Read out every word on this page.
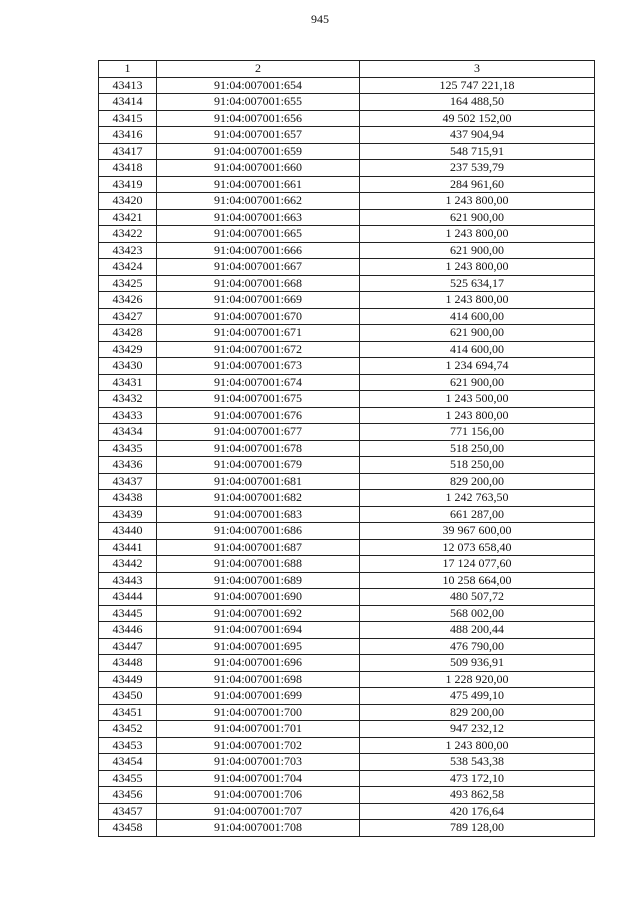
945
1	2	3
43413	91:04:007001:654	125 747 221,18
43414	91:04:007001:655	164 488,50
43415	91:04:007001:656	49 502 152,00
43416	91:04:007001:657	437 904,94
43417	91:04:007001:659	548 715,91
43418	91:04:007001:660	237 539,79
43419	91:04:007001:661	284 961,60
43420	91:04:007001:662	1 243 800,00
43421	91:04:007001:663	621 900,00
43422	91:04:007001:665	1 243 800,00
43423	91:04:007001:666	621 900,00
43424	91:04:007001:667	1 243 800,00
43425	91:04:007001:668	525 634,17
43426	91:04:007001:669	1 243 800,00
43427	91:04:007001:670	414 600,00
43428	91:04:007001:671	621 900,00
43429	91:04:007001:672	414 600,00
43430	91:04:007001:673	1 234 694,74
43431	91:04:007001:674	621 900,00
43432	91:04:007001:675	1 243 500,00
43433	91:04:007001:676	1 243 800,00
43434	91:04:007001:677	771 156,00
43435	91:04:007001:678	518 250,00
43436	91:04:007001:679	518 250,00
43437	91:04:007001:681	829 200,00
43438	91:04:007001:682	1 242 763,50
43439	91:04:007001:683	661 287,00
43440	91:04:007001:686	39 967 600,00
43441	91:04:007001:687	12 073 658,40
43442	91:04:007001:688	17 124 077,60
43443	91:04:007001:689	10 258 664,00
43444	91:04:007001:690	480 507,72
43445	91:04:007001:692	568 002,00
43446	91:04:007001:694	488 200,44
43447	91:04:007001:695	476 790,00
43448	91:04:007001:696	509 936,91
43449	91:04:007001:698	1 228 920,00
43450	91:04:007001:699	475 499,10
43451	91:04:007001:700	829 200,00
43452	91:04:007001:701	947 232,12
43453	91:04:007001:702	1 243 800,00
43454	91:04:007001:703	538 543,38
43455	91:04:007001:704	473 172,10
43456	91:04:007001:706	493 862,58
43457	91:04:007001:707	420 176,64
43458	91:04:007001:708	789 128,00
